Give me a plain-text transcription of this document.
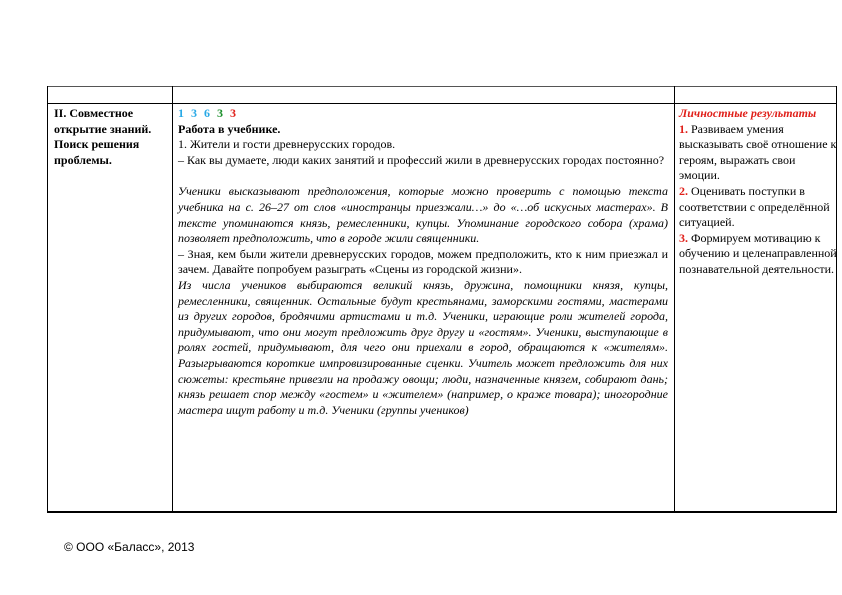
II. Совместное открытие знаний. Поиск решения проблемы.
1 3 6 3 3
Работа в учебнике.
1. Жители и гости древнерусских городов.
– Как вы думаете, люди каких занятий и профессий жили в древнерусских городах постоянно?
Ученики высказывают предположения, которые можно проверить с помощью текста учебника на с. 26–27 от слов «иностранцы приезжали…» до «…об искусных мастерах». В тексте упоминаются князь, ремесленники, купцы. Упоминание городского собора (храма) позволяет предположить, что в городе жили священники.
– Зная, кем были жители древнерусских городов, можем предположить, кто к ним приезжал и зачем. Давайте попробуем разыграть «Сцены из городской жизни».
Из числа учеников выбираются великий князь, дружина, помощники князя, купцы, ремесленники, священник. Остальные будут крестьянами, заморскими гостями, мастерами из других городов, бродячими артистами и т.д. Ученики, играющие роли жителей города, придумывают, что они могут предложить друг другу и «гостям». Ученики, выступающие в ролях гостей, придумывают, для чего они приехали в город, обращаются к «жителям». Разыгрываются короткие импровизированные сценки. Учитель может предложить для них сюжеты: крестьяне привезли на продажу овощи; люди, назначенные князем, собирают дань; князь решает спор между «гостем» и «жителем» (например, о краже товара); иногородние мастера ищут работу и т.д. Ученики (группы учеников)
Личностные результаты
1. Развиваем умения высказывать своё отношение к героям, выражать свои эмоции.
2. Оценивать поступки в соответствии с определённой ситуацией.
3. Формируем мотивацию к обучению и целенаправленной познавательной деятельности.
© ООО «Баласс», 2013
